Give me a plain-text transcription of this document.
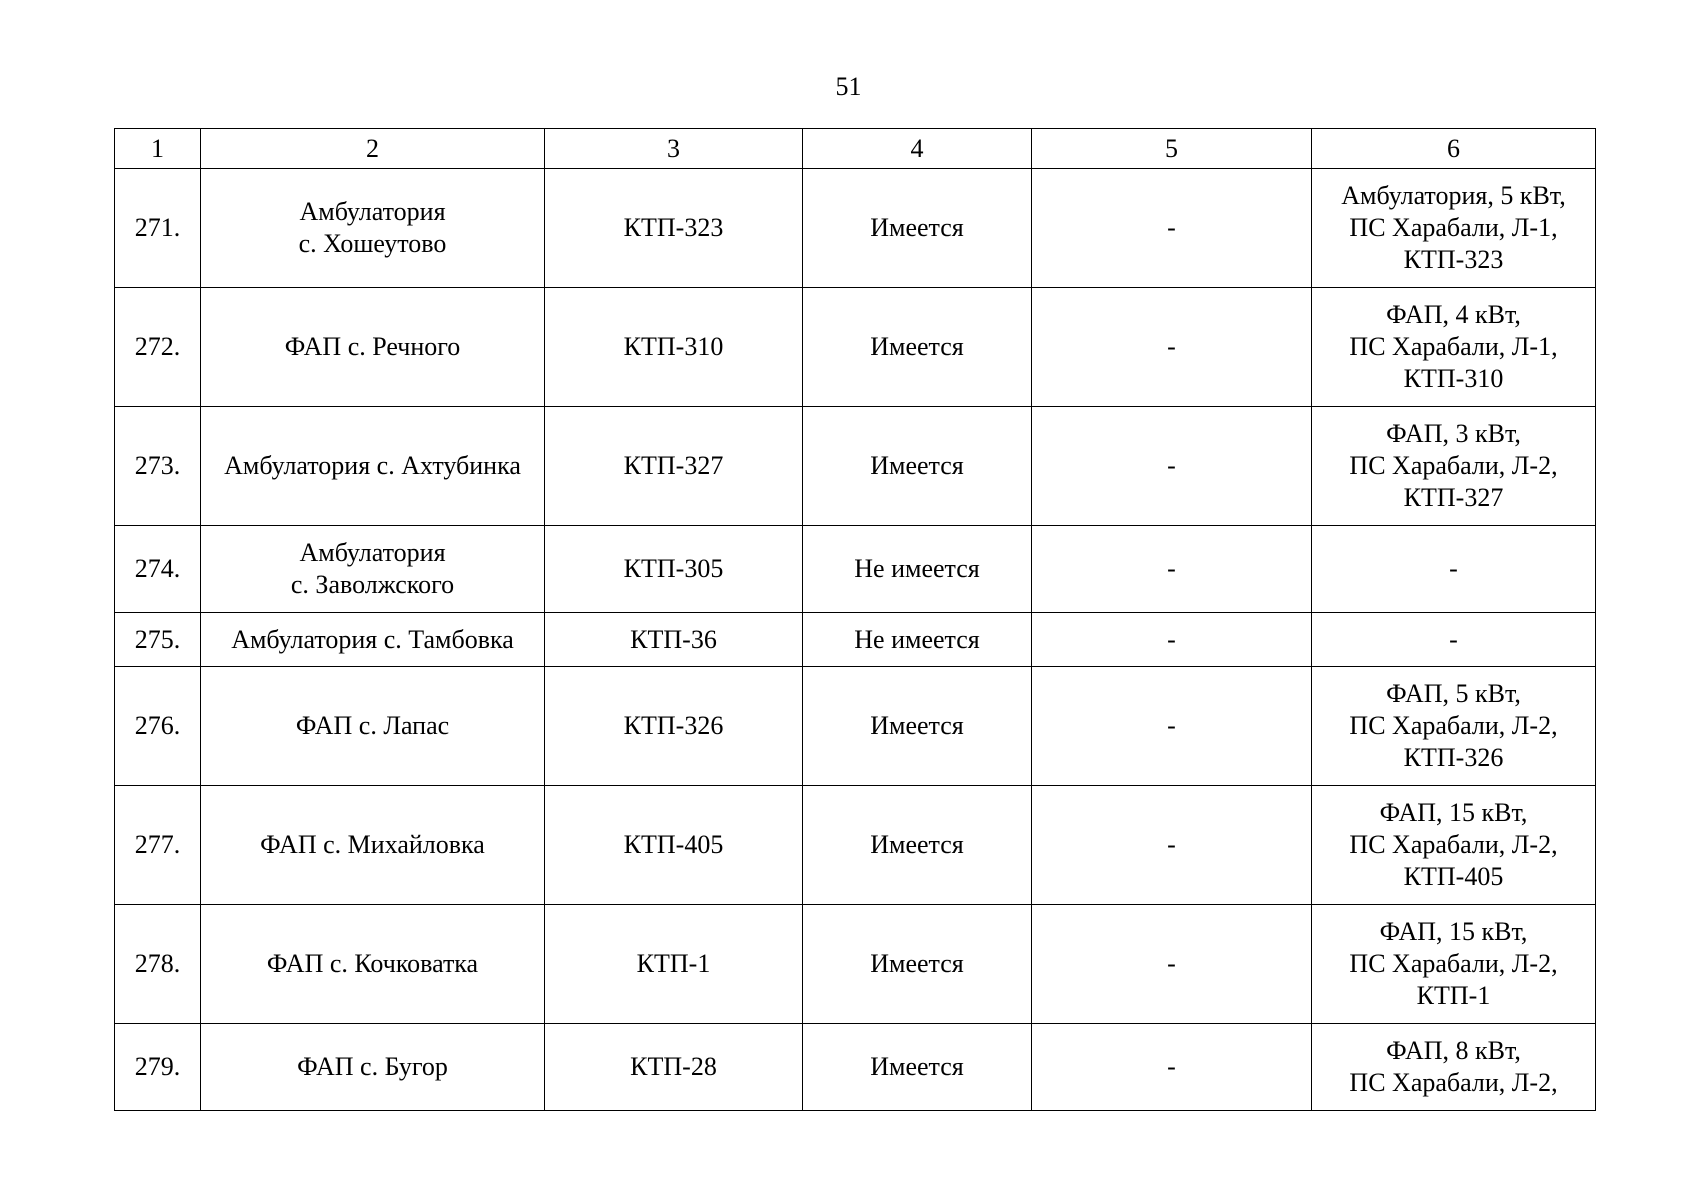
51
1	2	3	4	5	6
271.	Амбулатория
с. Хошеутово	КТП-323	Имеется	-	Амбулатория, 5 кВт,
ПС Харабали, Л-1,
КТП-323
272.	ФАП с. Речного	КТП-310	Имеется	-	ФАП, 4 кВт,
ПС Харабали, Л-1,
КТП-310
273.	Амбулатория с. Ахтубинка	КТП-327	Имеется	-	ФАП, 3 кВт,
ПС Харабали, Л-2,
КТП-327
274.	Амбулатория
с. Заволжского	КТП-305	Не имеется	-	-
275.	Амбулатория с. Тамбовка	КТП-36	Не имеется	-	-
276.	ФАП с. Лапас	КТП-326	Имеется	-	ФАП, 5 кВт,
ПС Харабали, Л-2,
КТП-326
277.	ФАП с. Михайловка	КТП-405	Имеется	-	ФАП, 15 кВт,
ПС Харабали, Л-2,
КТП-405
278.	ФАП с. Кочковатка	КТП-1	Имеется	-	ФАП, 15 кВт,
ПС Харабали, Л-2,
КТП-1
279.	ФАП с. Бугор	КТП-28	Имеется	-	ФАП, 8 кВт,
ПС Харабали, Л-2,
